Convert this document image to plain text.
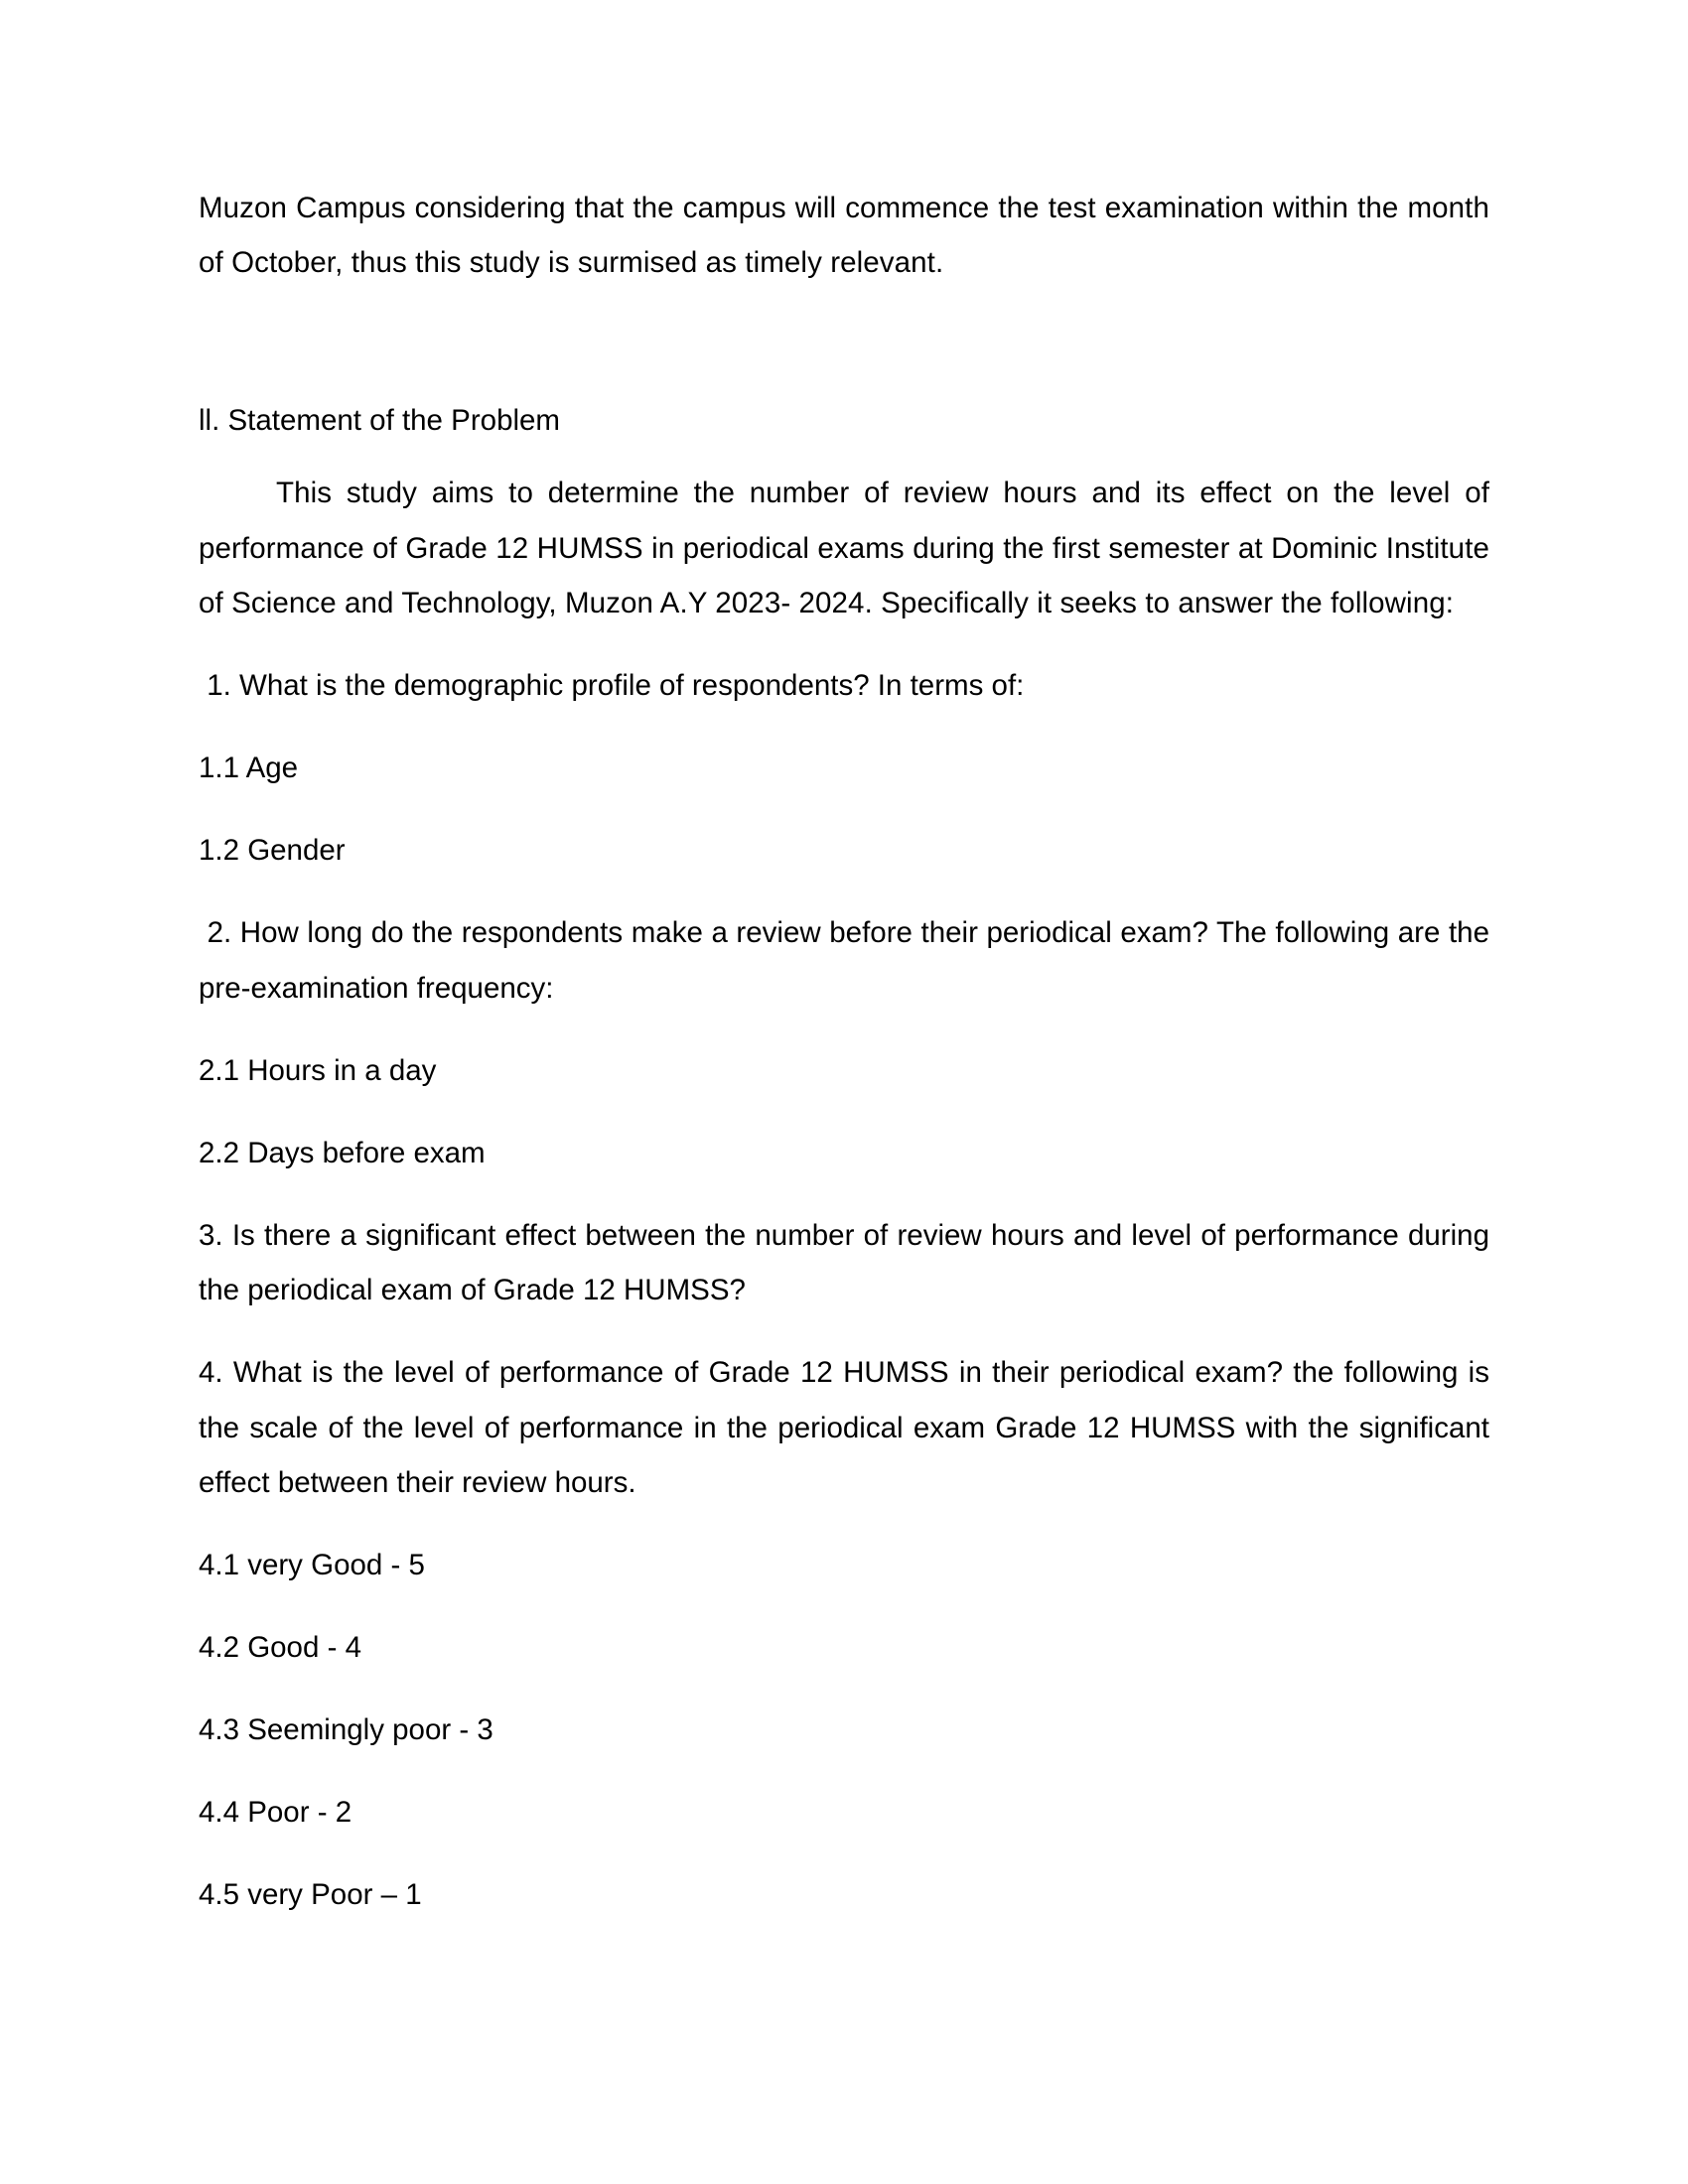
Muzon Campus considering that the campus will commence the test examination within the month of October, thus this study is surmised as timely relevant.

ll. Statement of the Problem

This study aims to determine the number of review hours and its effect on the level of performance of Grade 12 HUMSS in periodical exams during the first semester at Dominic Institute of Science and Technology, Muzon A.Y 2023- 2024. Specifically it seeks to answer the following:

1. What is the demographic profile of respondents? In terms of:

1.1 Age

1.2 Gender

2. How long do the respondents make a review before their periodical exam? The following are the pre-examination frequency:

2.1 Hours in a day

2.2 Days before exam

3. Is there a significant effect between the number of review hours and level of performance during the periodical exam of Grade 12 HUMSS?

4. What is the level of performance of Grade 12 HUMSS in their periodical exam? the following is the scale of the level of performance in the periodical exam Grade 12 HUMSS with the significant effect between their review hours.

4.1 very Good - 5

4.2 Good - 4

4.3 Seemingly poor - 3

4.4 Poor - 2

4.5 very Poor – 1
